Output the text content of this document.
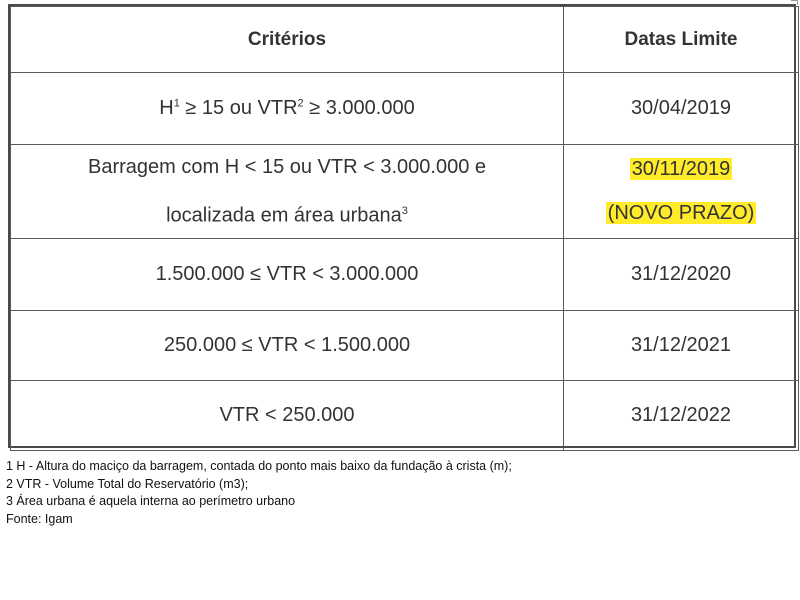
Critérios	Datas Limite
$H^1 \ge 15$ ou $VTR^2 \ge 3.000.000$	30/04/2019

Barragem com H < 15 ou VTR < 3.000.000 e
localizada em área urbana$^3$	30/11/2019
(NOVO PRAZO)

1.500.000 ≤ VTR < 3.000.000	31/12/2020
250.000 ≤ VTR < 1.500.000	31/12/2021
VTR < 250.000	31/12/2022
1 H - Altura do maciço da barragem, contada do ponto mais baixo da fundação à crista (m);
2 VTR - Volume Total do Reservatório (m3);
3 Área urbana é aquela interna ao perímetro urbano
Fonte: Igam
